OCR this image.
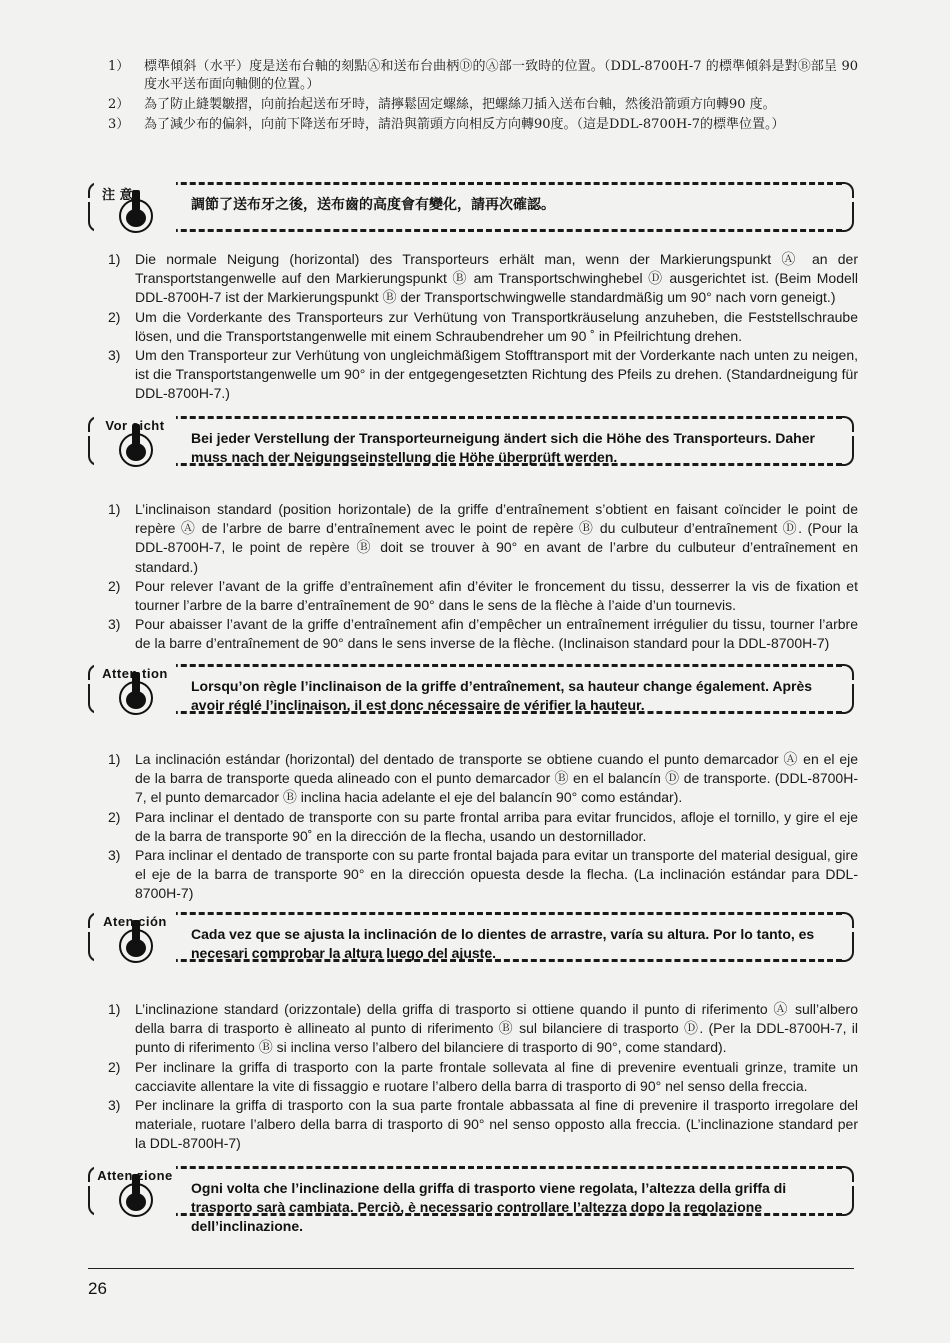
1）	標準傾斜（水平）度是送布台軸的刻點Ⓐ和送布台曲柄Ⓓ的Ⓐ部一致時的位置。（DDL-8700H-7 的標準傾斜是對Ⓑ部呈 90 度水平送布面向軸側的位置。）
2）	為了防止縫製皺摺，向前抬起送布牙時，請擰鬆固定螺絲，把螺絲刀插入送布台軸，然後沿箭頭方向轉90 度。
3）	為了減少布的偏斜，向前下降送布牙時，請沿與箭頭方向相反方向轉90度。（這是DDL-8700H-7的標準位置。）
注 意
調節了送布牙之後，送布齒的高度會有變化，請再次確認。
1)	Die normale Neigung (horizontal) des Transporteurs erhält man, wenn der Markierungspunkt Ⓐ an der Transportstangenwelle auf den Markierungspunkt Ⓑ am Transportschwinghebel Ⓓ ausgerichtet ist. (Beim Modell DDL-8700H-7 ist der Markierungspunkt Ⓑ der Transportschwingwelle standardmäßig um 90° nach vorn geneigt.)
2)	Um die Vorderkante des Transporteurs zur Verhütung von Transportkräuselung anzuheben, die Feststellschraube lösen, und die Transportstangenwelle mit einem Schraubendreher um 90 ˚ in Pfeilrichtung drehen.
3)	Um den Transporteur zur Verhütung von ungleichmäßigem Stofftransport mit der Vorderkante nach unten zu neigen, ist die Transportstangenwelle um 90° in der entgegengesetzten Richtung des Pfeils zu drehen. (Standardneigung für DDL-8700H-7.)
Vor sicht
Bei jeder Verstellung der Transporteurneigung ändert sich die Höhe des Transporteurs. Daher muss nach der Neigungseinstellung die Höhe überprüft werden.
1)	L’inclinaison standard (position horizontale) de la griffe d’entraînement s’obtient en faisant coïncider le point de repère Ⓐ de l’arbre de barre d’entraînement avec le point de repère Ⓑ du culbuteur d’entraînement Ⓓ. (Pour la DDL-8700H-7, le point de repère Ⓑ doit se trouver à 90° en avant de l’arbre du culbuteur d’entraînement en standard.)
2)	Pour relever l’avant de la griffe d’entraînement afin d’éviter le froncement du tissu, desserrer la vis de fixation et tourner l’arbre de la barre d’entraînement de 90° dans le sens de la flèche à l’aide d’un tournevis.
3)	Pour abaisser l’avant de la griffe d’entraînement afin d’empêcher un entraînement irrégulier du tissu, tourner l’arbre de la barre d’entraînement de 90° dans le sens inverse de la flèche. (Inclinaison standard pour la DDL-8700H-7)
Atten tion
Lorsqu’on règle l’inclinaison de la griffe d’entraînement, sa hauteur change également. Après avoir réglé l’inclinaison, il est donc nécessaire de vérifier la hauteur.
1)	La inclinación estándar (horizontal) del dentado de transporte se obtiene cuando el punto demarcador Ⓐ en el eje de la barra de transporte queda alineado con el punto demarcador Ⓑ en el balancín Ⓓ de transporte. (DDL-8700H-7, el punto demarcador Ⓑ inclina hacia adelante el eje del balancín 90° como estándar).
2)	Para inclinar el dentado de transporte con su parte frontal arriba para evitar fruncidos, afloje el tornillo, y gire el eje de la barra de transporte 90˚ en la dirección de la flecha, usando un destornillador.
3)	Para inclinar el dentado de transporte con su parte frontal bajada para evitar un transporte del material desigual, gire el eje de la barra de transporte 90° en la dirección opuesta desde la flecha. (La inclinación estándar para DDL-8700H-7)
Aten ción
Cada vez que se ajusta la inclinación de lo dientes de arrastre, varía su altura. Por lo tanto, es necesari comprobar la altura luego del ajuste.
1)	L’inclinazione standard (orizzontale) della griffa di trasporto si ottiene quando il punto di riferimento Ⓐ sull’albero della barra di trasporto è allineato al punto di riferimento Ⓑ sul bilanciere di trasporto Ⓓ. (Per la DDL-8700H-7, il punto di riferimento Ⓑ si inclina verso l’albero del bilanciere di trasporto di 90°, come standard).
2)	Per inclinare la griffa di trasporto con la parte frontale sollevata al fine di prevenire eventuali grinze, tramite un cacciavite allentare la vite di fissaggio e ruotare l’albero della barra di trasporto di 90° nel senso della freccia.
3)	Per inclinare la griffa di trasporto con la sua parte frontale abbassata al fine di prevenire il trasporto irregolare del materiale, ruotare l’albero della barra di trasporto di 90° nel senso opposto alla freccia. (L’inclinazione standard per la DDL-8700H-7)
Atten zione
Ogni volta che l’inclinazione della griffa di trasporto viene regolata, l’altezza della griffa di trasporto sarà cambiata. Perciò, è necessario controllare l’altezza dopo la regolazione dell’inclinazione.
26
